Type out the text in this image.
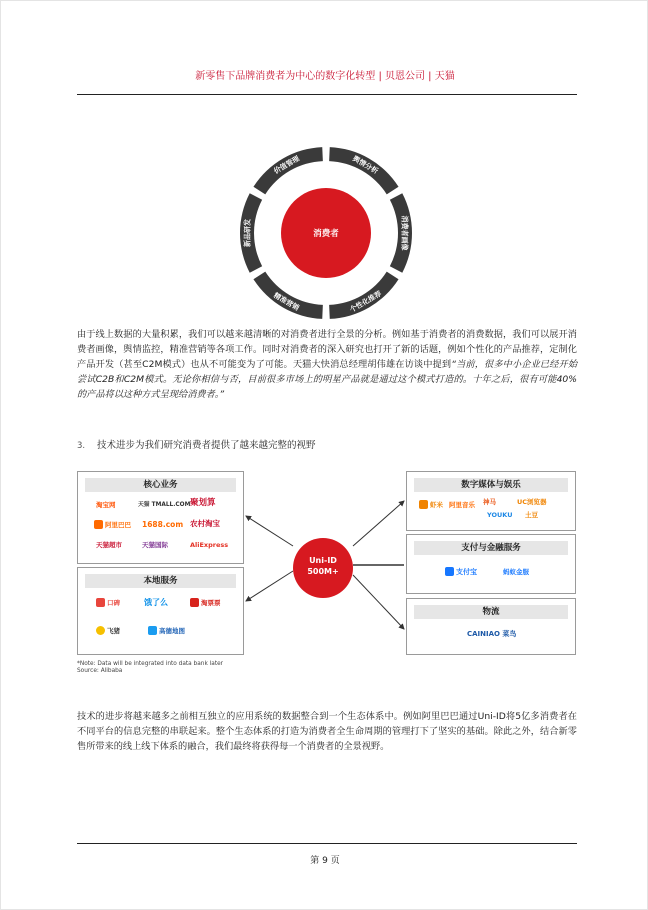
新零售下品牌消费者为中心的数字化转型 | 贝恩公司 | 天猫
消费者
价值管理	舆情分析
消费者画像
个性化推荐
精准营销
新品研发
由于线上数据的大量积累，我们可以越来越清晰的对消费者进行全景的分析。例如基于消费者的消费数据，我们可以展开消费者画像，舆情监控，精准营销等各项工作。同时对消费者的深入研究也打开了新的话题，例如个性化的产品推荐，定制化产品开发（甚至C2M模式）也从不可能变为了可能。天猫大快消总经理胡伟雄在访谈中提到“当前，很多中小企业已经开始尝试C2B和C2M模式。无论你相信与否，目前很多市场上的明星产品就是通过这个模式打造的。十年之后，很有可能40%的产品将以这种方式呈现给消费者。”
3. 技术进步为我们研究消费者提供了越来越完整的视野
Uni-ID
500M+
核心业务
淘宝网	天猫 TMALL.COM 聚划算
阿里巴巴 1688.com 农村淘宝
天猫超市	天猫国际	AliExpress
本地服务
口碑	饿了么	淘票票
飞猪	高德地图
数字媒体与娱乐
虾米 阿里音乐 神马	UC浏览器
YOUKU 土豆
支付与金融服务
支付宝	蚂蚁金服
物流
CAINIAO 菜鸟
*Note: Data will be integrated into data bank later
Source: Alibaba
技术的进步将越来越多之前相互独立的应用系统的数据整合到一个生态体系中。例如阿里巴巴通过Uni-ID将5亿多消费者在不同平台的信息完整的串联起来。整个生态体系的打造为消费者全生命周期的管理打下了坚实的基础。除此之外，结合新零售所带来的线上线下体系的融合，我们最终将获得每一个消费者的全景视野。
第 9 页
